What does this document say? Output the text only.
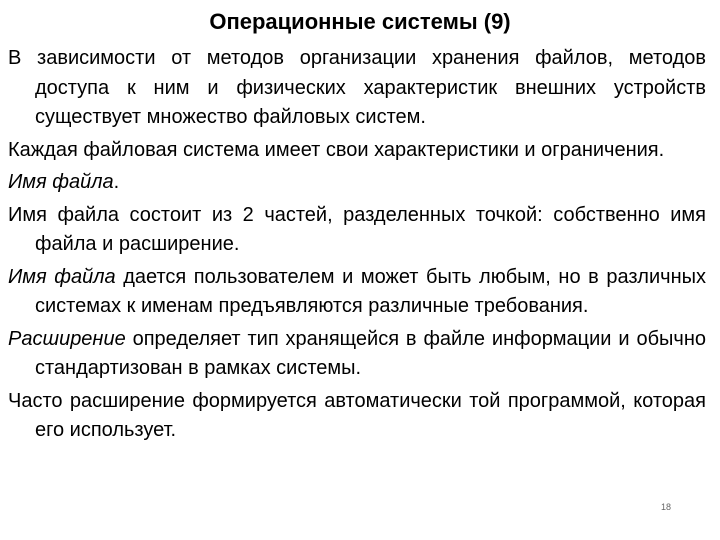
Операционные системы (9)

В зависимости от методов организации хранения файлов, методов доступа к ним и физических характеристик внешних устройств существует множество файловых систем.

Каждая файловая система имеет свои характеристики и ограничения.

Имя файла.

Имя файла состоит из 2 частей, разделенных точкой: собственно имя файла и расширение.

Имя файла дается пользователем и может быть любым, но в различных системах к именам предъявляются различные требования.

Расширение определяет тип хранящейся в файле информации и обычно стандартизован в рамках системы.

Часто расширение формируется автоматически той программой, которая его использует.

18
